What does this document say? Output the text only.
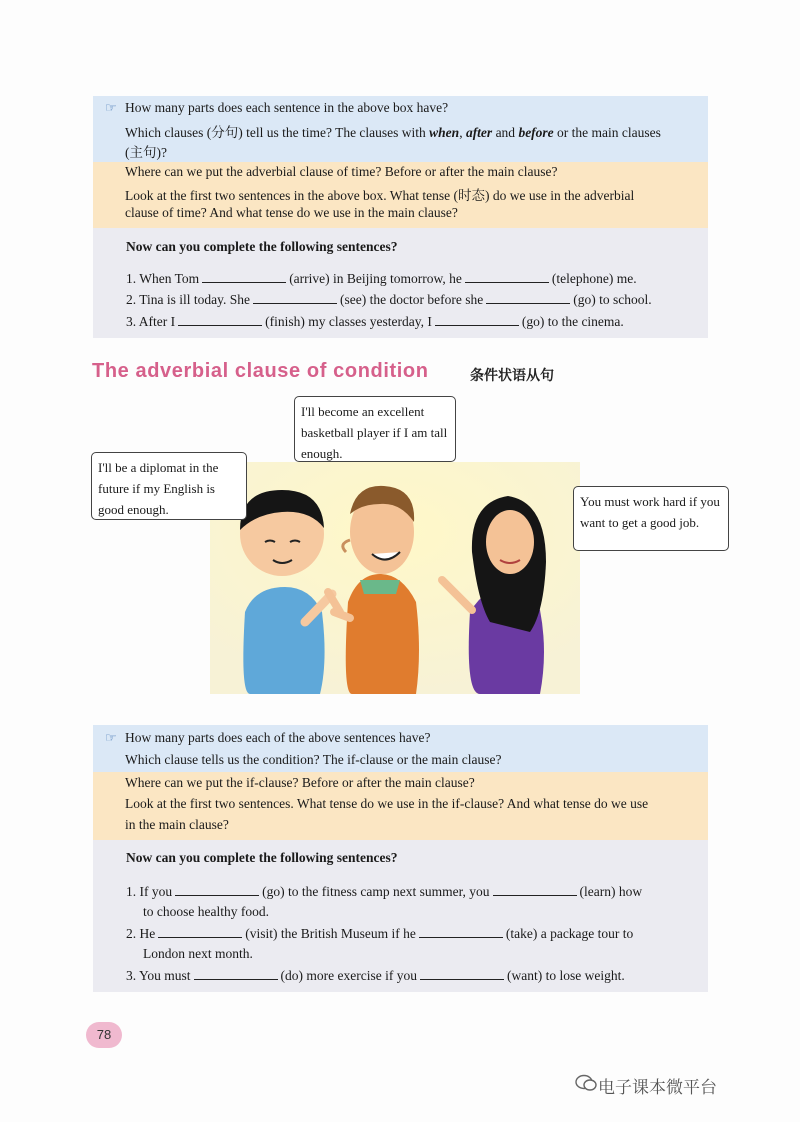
☞ How many parts does each sentence in the above box have?
Which clauses (分句) tell us the time? The clauses with when, after and before or the main clauses
(主句)?
Where can we put the adverbial clause of time? Before or after the main clause?
Look at the first two sentences in the above box. What tense (时态) do we use in the adverbial
clause of time? And what tense do we use in the main clause?
Now can you complete the following sentences?
1. When Tom	(arrive) in Beijing tomorrow, he	(telephone) me.
2. Tina is ill today. She	(see) the doctor before she	(go) to school.
3. After I	(finish) my classes yesterday, I	(go) to the cinema.
The adverbial clause of condition	条件状语从句
I'll be a diplomat in the future if my English is good enough.
I'll become an excellent basketball player if I am tall enough.
You must work hard if you want to get a good job.
☞ How many parts does each of the above sentences have?
Which clause tells us the condition? The if-clause or the main clause?
Where can we put the if-clause? Before or after the main clause?
Look at the first two sentences. What tense do we use in the if-clause? And what tense do we use
in the main clause?
Now can you complete the following sentences?
1. If you	(go) to the fitness camp next summer, you	(learn) how
to choose healthy food.
2. He	(visit) the British Museum if he	(take) a package tour to
London next month.
3. You must	(do) more exercise if you	(want) to lose weight.
78
电子课本微平台
